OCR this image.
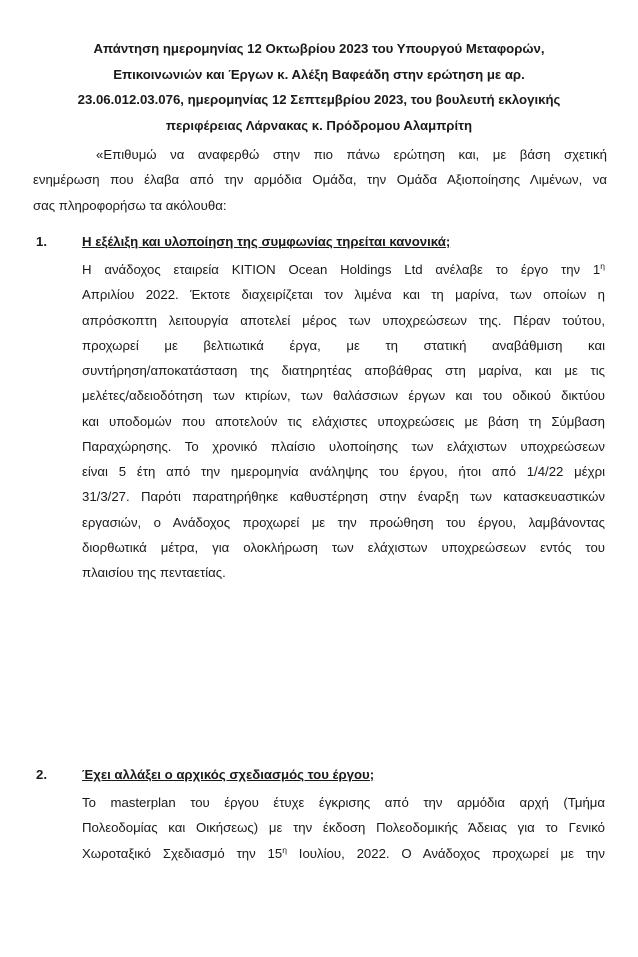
Απάντηση ημερομηνίας 12 Οκτωβρίου 2023 του Υπουργού Μεταφορών,
Επικοινωνιών και Έργων κ. Αλέξη Βαφεάδη στην ερώτηση με αρ.
23.06.012.03.076, ημερομηνίας 12 Σεπτεμβρίου 2023, του βουλευτή εκλογικής
περιφέρειας Λάρνακας κ. Πρόδρομου Αλαμπρίτη
«Επιθυμώ να αναφερθώ στην πιο πάνω ερώτηση και, με βάση σχετική
ενημέρωση που έλαβα από την αρμόδια Ομάδα, την Ομάδα Αξιοποίησης Λιμένων, να
σας πληροφορήσω τα ακόλουθα:
1.	Η εξέλιξη και υλοποίηση της συμφωνίας τηρείται κανονικά;
Η ανάδοχος εταιρεία KITION Ocean Holdings Ltd ανέλαβε το έργο την $1^\eta$
Απριλίου 2022. Έκτοτε διαχειρίζεται τον λιμένα και τη μαρίνα, των οποίων η
απρόσκοπτη λειτουργία αποτελεί μέρος των υποχρεώσεων της. Πέραν τούτου,
προχωρεί με βελτιωτικά έργα, με τη στατική αναβάθμιση και
συντήρηση/αποκατάσταση της διατηρητέας αποβάθρας στη μαρίνα, και με τις
μελέτες/αδειοδότηση των κτιρίων, των θαλάσσιων έργων και του οδικού δικτύου
και υποδομών που αποτελούν τις ελάχιστες υποχρεώσεις με βάση τη Σύμβαση
Παραχώρησης. Το χρονικό πλαίσιο υλοποίησης των ελάχιστων υποχρεώσεων
είναι 5 έτη από την ημερομηνία ανάληψης του έργου, ήτοι από 1/4/22 μέχρι
31/3/27. Παρότι παρατηρήθηκε καθυστέρηση στην έναρξη των κατασκευαστικών
εργασιών, ο Ανάδοχος προχωρεί με την προώθηση του έργου, λαμβάνοντας
διορθωτικά μέτρα, για ολοκλήρωση των ελάχιστων υποχρεώσεων εντός του
πλαισίου της πενταετίας.
2.	Έχει αλλάξει ο αρχικός σχεδιασμός του έργου;
Το masterplan του έργου έτυχε έγκρισης από την αρμόδια αρχή (Τμήμα
Πολεοδομίας και Οικήσεως) με την έκδοση Πολεοδομικής Άδειας για το Γενικό
Χωροταξικό Σχεδιασμό την $15^\eta$ Ιουλίου, 2022. Ο Ανάδοχος προχωρεί με την
